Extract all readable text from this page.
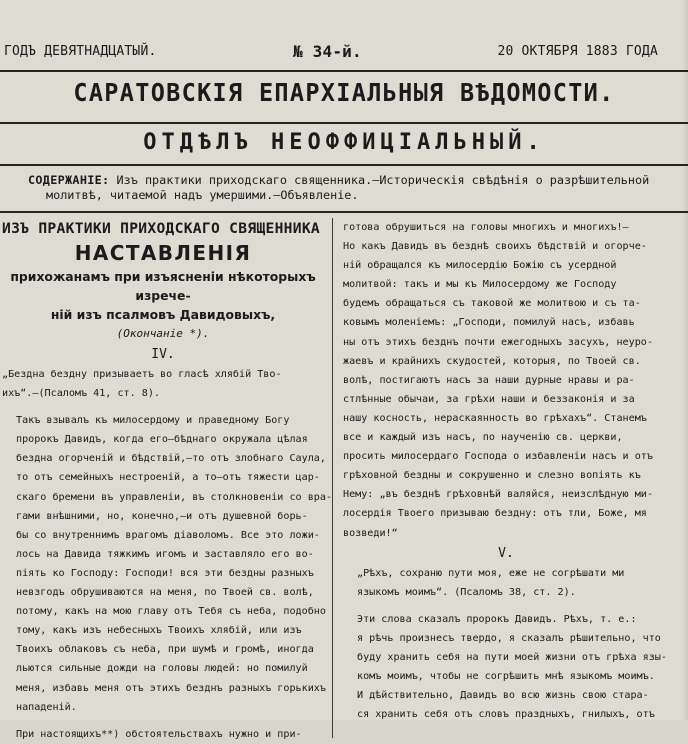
ГОДЪ ДЕВЯТНАДЦАТЫЙ.	№ 34-й.	20 ОКТЯБРЯ 1883 ГОДА
САРАТОВСКІЯ ЕПАРХІАЛЬНЫЯ ВѢДОМОСТИ.
ОТДѢЛЪ НЕОФФИЦІАЛЬНЫЙ.
СОДЕРЖАНІЕ: Изъ практики приходскаго священника.—Историческія свѣдѣнія о разрѣшительной
молитвѣ, читаемой надъ умершими.—Объявленіе.

ИЗЪ ПРАКТИКИ ПРИХОДСКАГО СВЯЩЕННИКА

НАСТАВЛЕНІЯ

прихожанамъ при изъясненіи нѣкоторыхъ изрече-

ній изъ псалмовъ Давидовыхъ,

(Окончаніе *).

IV.

„Бездна бездну призываетъ во гласѣ хлябій Тво-
ихъ“.—(Псаломъ 41, ст. 8).
Такъ взывалъ къ милосердому и праведному Богу
пророкъ Давидъ, когда его—бѣднаго окружала цѣлая
бездна огорченій и бѣдствій,—то отъ злобнаго Саула,
то отъ семейныхъ нестроеній, а то—отъ тяжести цар-
скаго бремени въ управленіи, въ столкновеніи со вра-
гами внѣшними, но, конечно,—и отъ душевной борь-
бы со внутреннимъ врагомъ діаволомъ. Все это ложи-
лось на Давида тяжкимъ игомъ и заставляло его во-
піять ко Господу: Господи! вся эти бездны разныхъ
невзгодъ обрушиваются на меня, по Твоей св. волѣ,
потому, какъ на мою главу отъ Тебя съ неба, подобно
тому, какъ изъ небесныхъ Твоихъ хлябій, или изъ
Твоихъ облаковъ съ неба, при шумѣ и громѣ, иногда
льются сильные дожди на головы людей: но помилуй
меня, избавь меня отъ этихъ безднъ разныхъ горькихъ
нападеній.
При настоящихъ**) обстоятельствахъ нужно и при-
готова обрушиться на головы многихъ и многихъ!—
Но какъ Давидъ въ безднѣ своихъ бѣдствій и огорче-
ній обращался къ милосердію Божію съ усердной
молитвой: такъ и мы къ Милосердому же Господу
будемъ обращаться съ таковой же молитвою и съ та-
ковымъ моленіемъ: „Господи, помилуй насъ, избавь
ны отъ этихъ безднъ почти ежегодныхъ засухъ, неуро-
жаевъ и крайнихъ скудостей, которыя, по Твоей св.
волѣ, постигаютъ насъ за наши дурные нравы и ра-
стлѣнные обычаи, за грѣхи наши и беззаконія и за
нашу косность, нераскаянность во грѣхахъ“. Станемъ
все и каждый изъ насъ, по наученію св. церкви,
просить милосердаго Господа о избавленіи насъ и отъ
грѣховной бездны и сокрушенно и слезно вопіять къ
Нему: „въ безднѣ грѣховнѣй валяйся, неизслѣдную ми-
лосердія Твоего призываю бездну: отъ тли, Боже, мя
возведи!“

V.

„Рѣхъ, сохраню пути моя, еже не согрѣшати ми
языкомъ моимъ“. (Псаломъ 38, ст. 2).
Эти слова сказалъ пророкъ Давидъ. Рѣхъ, т. е.:
я рѣчь произнесъ твердо, я сказалъ рѣшительно, что
буду хранить себя на пути моей жизни отъ грѣха язы-
комъ моимъ, чтобы не согрѣшить мнѣ языкомъ моимъ.
И дѣйствительно, Давидъ во всю жизнь свою стара-
ся хранить себя отъ словъ праздныхъ, гнилыхъ, отъ
